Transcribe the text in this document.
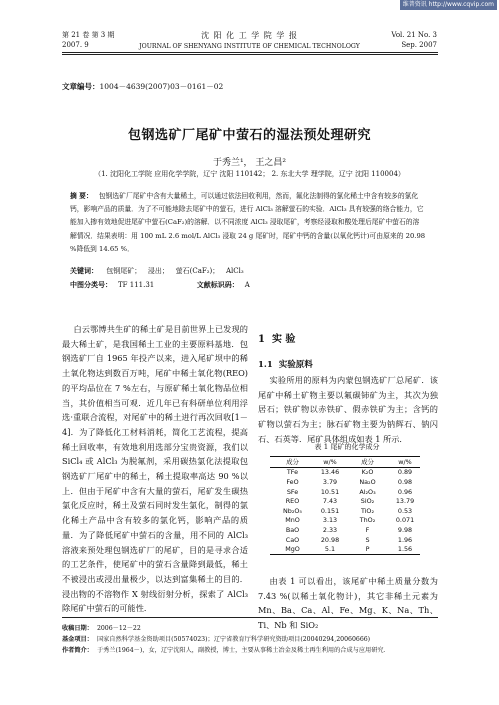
维普资讯 http://www.cqvip.com
第 21 卷 第 3 期
2007. 9
沈 阳 化 工 学 院 学 报
JOURNAL OF SHENYANG INSTITUTE OF CHEMICAL TECHNOLOGY
Vol. 21 No. 3
Sep. 2007
文章编号：1004－4639(2007)03－0161－02
包钢选矿厂尾矿中萤石的湿法预处理研究
于秀兰¹， 王之昌²
（1. 沈阳化工学院 应用化学学院，辽宁 沈阳 110142； 2. 东北大学 理学院，辽宁 沈阳 110004）
摘 要： 包钢选矿厂尾矿中含有大量稀土，可以通过依法回收利用，然而，氟化法制得的氯化稀土中含有较多的氯化钙，影响产品的质量．为了不可能地除去尾矿中的萤石，进行 AlCl₃ 溶解萤石的实验．AlCl₃ 具有较强的络合能力，它能加入掺有效地促进尾矿中萤石(CaF₂)的溶解．以不同浓度 AlCl₃ 浸取尾矿，考察经浸取和酸处理后尾矿中萤石的溶解情况．结果表明：用 100 mL 2.6 mol/L AlCl₃ 浸取 24 g 尾矿时，尾矿中钙的含量(以氧化钙计)可由原来的 20.98 %降低到 14.65 %．
关键词： 包钢尾矿； 浸出； 萤石(CaF₂)； AlCl₃
中图分类号： TF 111.31	文献标识码： A

白云鄂博共生矿的稀土矿是目前世界上已发现的最大稀土矿，是我国稀土工业的主要原料基地．包钢选矿厂自 1965 年投产以来，进入尾矿坝中的稀土氧化物达到数百万吨，尾矿中稀土氧化物(REO)的平均品位在 7 %左右，与原矿稀土氧化物品位相当，其价值相当可观．近几年已有科研单位利用浮选·重联合流程，对尾矿中的稀土进行再次回收[1－4]．为了降低化工材料消耗，简化工艺流程，提高稀土回收率，有效地利用选部分宝贵资源，我们以 SiCl₄ 或 AlCl₃ 为脱氟剂，采用碳热氯化法提取包钢选矿厂尾矿中的稀土，稀土提取率高达 90 %以上．但由于尾矿中含有大量的萤石，尾矿发生碳热氯化反应时，稀土及萤石同时发生氯化，制得的氯化稀土产品中含有较多的氯化钙，影响产品的质量．为了降低尾矿中萤石的含量，用不同的 AlCl₃ 溶液来预处理包钢选矿厂的尾矿，目的是寻求合适的工艺条件，使尾矿中的萤石含量降到最低，稀土不被浸出或浸出量极少，以达到富集稀土的目的．浸出物的不溶物作 X 射线衍射分析，探索了 AlCl₃ 除尾矿中萤石的可能性．

1 实 验
1.1 实验原料

实验所用的原料为内蒙包钢选矿厂总尾矿．该尾矿中稀土矿物主要以氟碳铈矿为主，其次为独居石；铁矿物以赤铁矿、假赤铁矿为主；含钙的矿物以萤石为主；脉石矿物主要为钠辉石、钠闪石、石英等．尾矿具体组成如表 1 所示．

表 1 尾矿的化学成分
成分	w/%	成分	w/%
TFe	13.46	K₂O	0.89
FeO	3.79	Na₂O	0.98
SFe	10.51	Al₂O₃	0.96
REO	7.43	SiO₂	13.79
Nb₂O₅	0.151	TiO₂	0.53
MnO	3.13	ThO₂	0.071
BaO	2.33	F	9.98
CaO	20.98	S	1.96
MgO	5.1	P	1.56

由表 1 可以看出，该尾矿中稀土质量分数为 7.43 %(以稀土氧化物计)，其它非稀土元素为 Mn、Ba、Ca、Al、Fe、Mg、K、Na、Th、Ti、Nb 和 SiO₂

收稿日期： 2006－12－22
基金项目： 国家自然科学基金资助项目(50574023)；辽宁省教育厅科学研究资助项目(20040294,20060666)
作者简介： 于秀兰(1964－)，女，辽宁沈阳人，副教授，博士，主要从事稀土冶金及稀土再生利用的合成与应用研究．
